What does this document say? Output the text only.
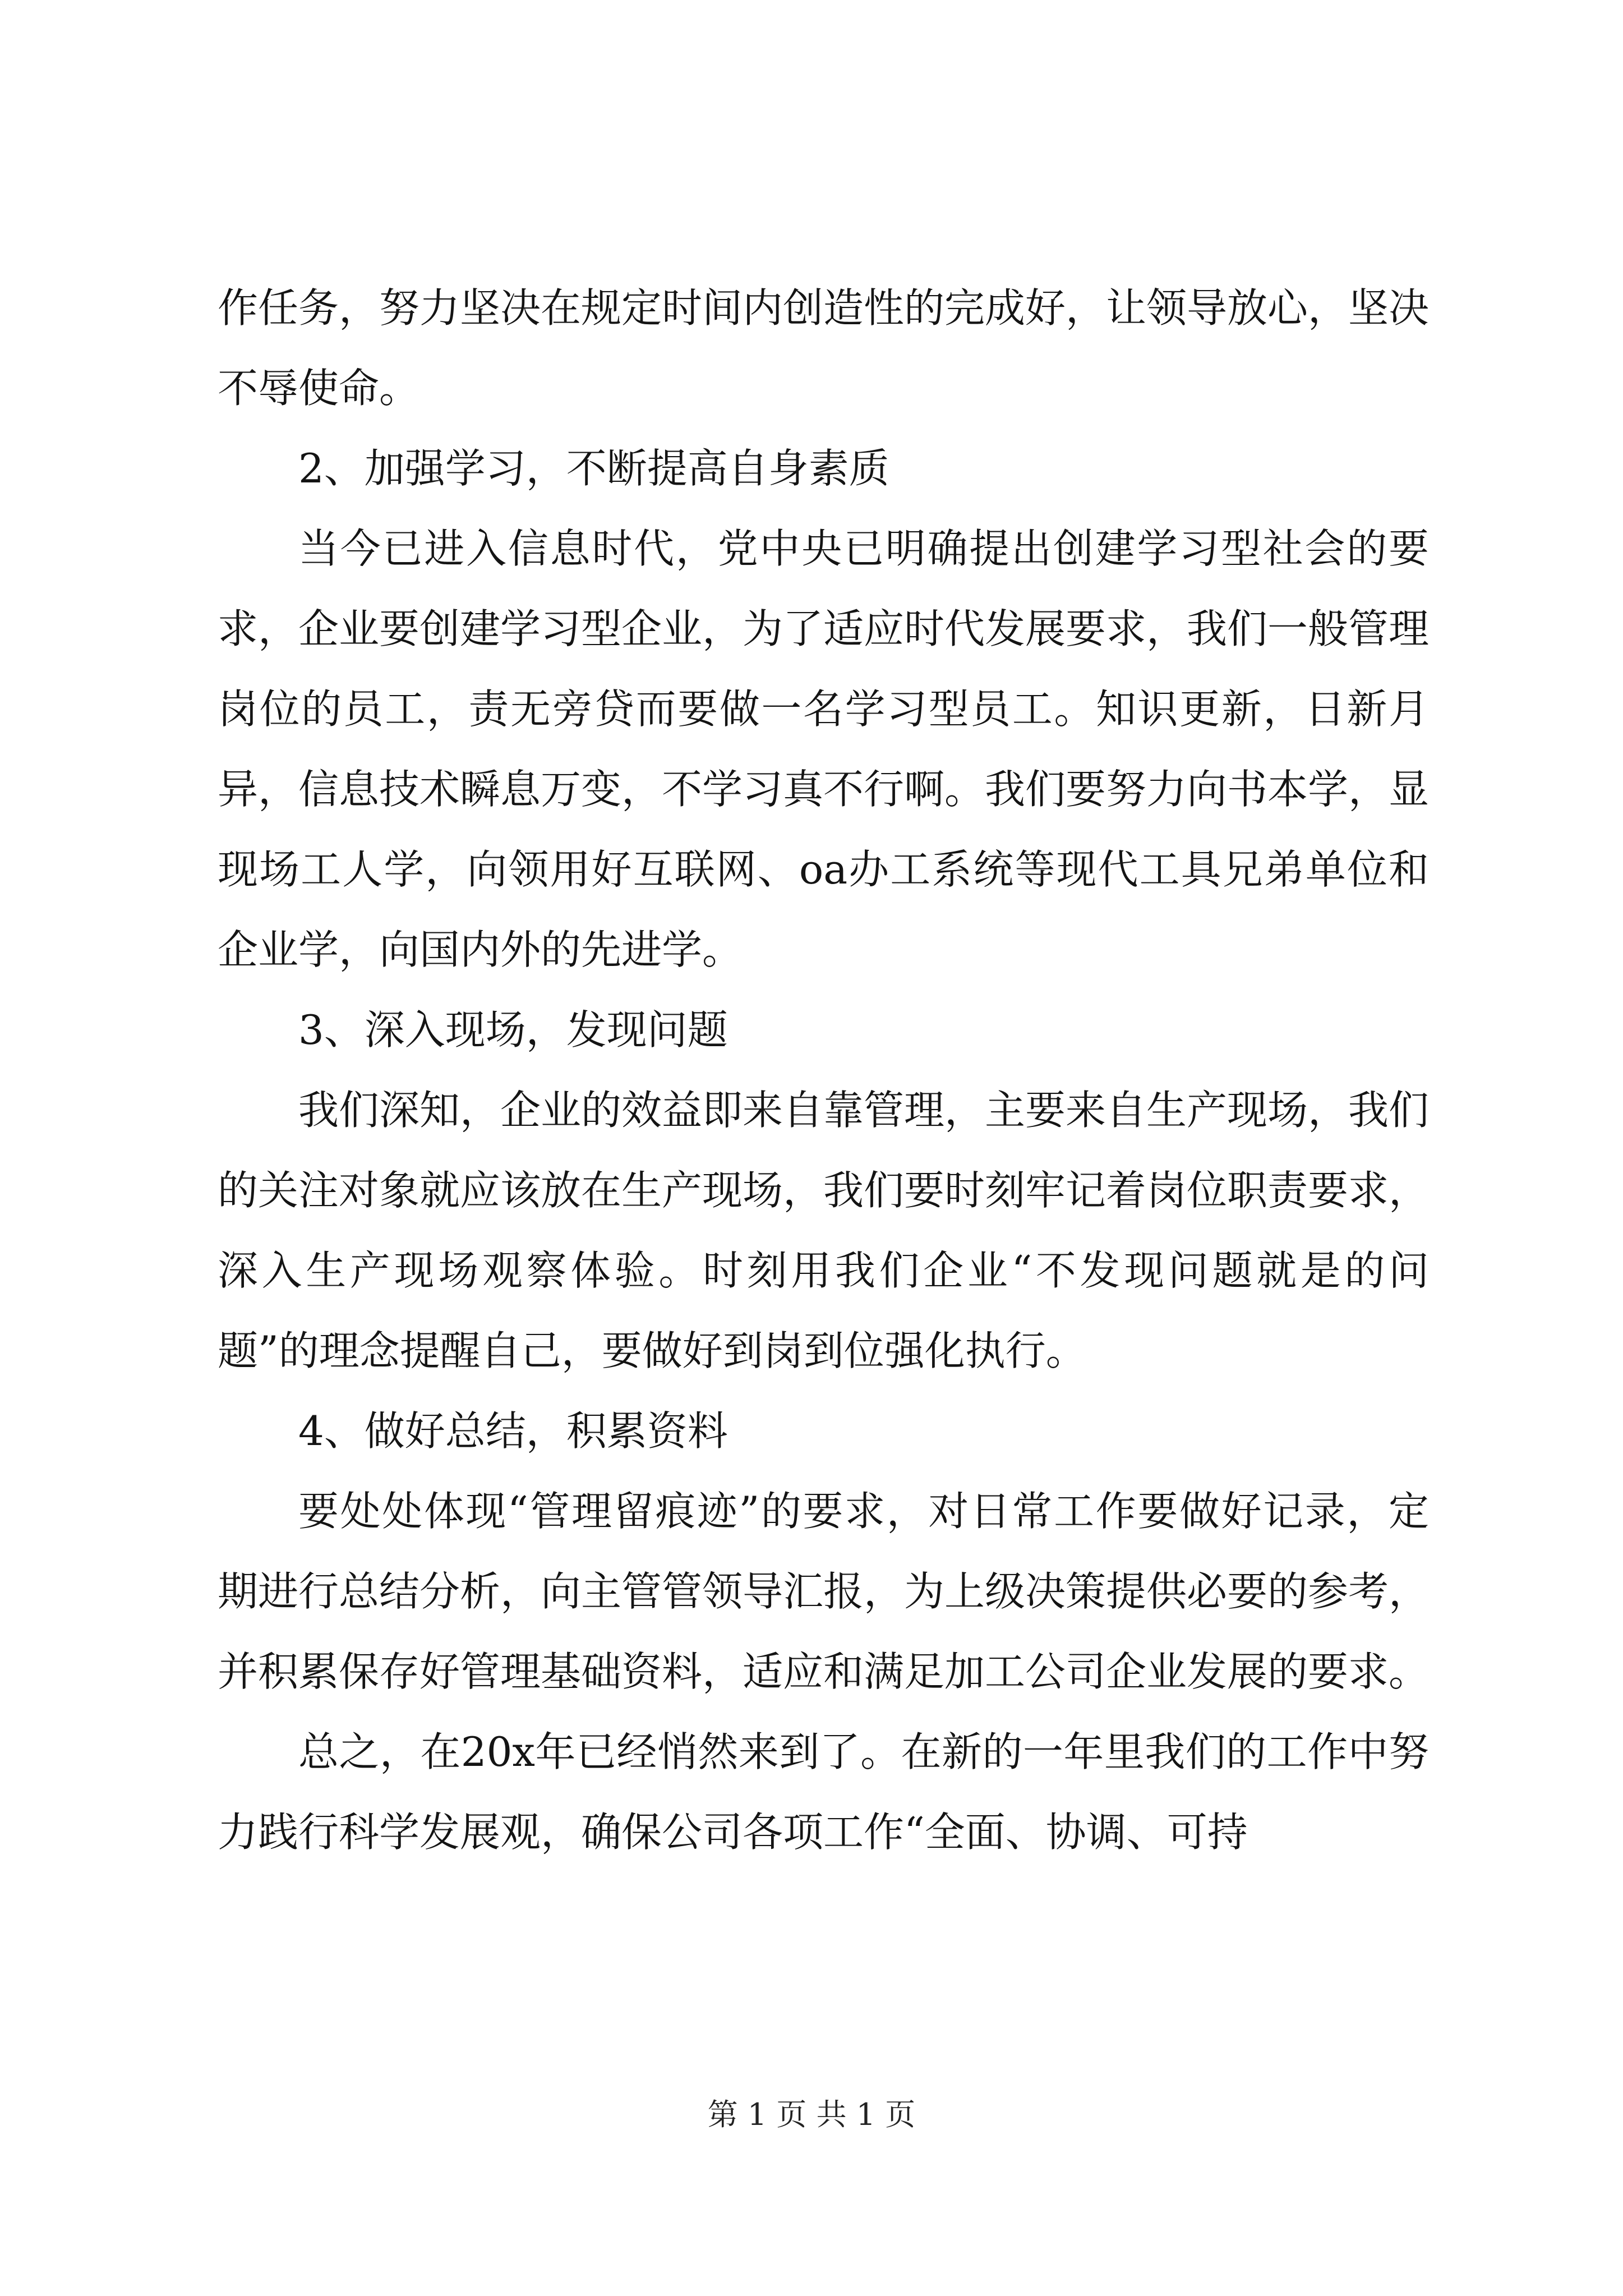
作任务，努力坚决在规定时间内创造性的完成好，让领导放心，坚决不辱使命。

2、加强学习，不断提高自身素质

当今已进入信息时代，党中央已明确提出创建学习型社会的要求，企业要创建学习型企业，为了适应时代发展要求，我们一般管理岗位的员工，责无旁贷而要做一名学习型员工。知识更新，日新月异，信息技术瞬息万变，不学习真不行啊。我们要努力向书本学，显现场工人学，向领用好互联网、oa办工系统等现代工具兄弟单位和企业学，向国内外的先进学。

3、深入现场，发现问题

我们深知，企业的效益即来自靠管理，主要来自生产现场，我们的关注对象就应该放在生产现场，我们要时刻牢记着岗位职责要求，深入生产现场观察体验。时刻用我们企业“不发现问题就是的问题”的理念提醒自己，要做好到岗到位强化执行。

4、做好总结，积累资料

要处处体现“管理留痕迹”的要求，对日常工作要做好记录，定期进行总结分析，向主管管领导汇报，为上级决策提供必要的参考，并积累保存好管理基础资料，适应和满足加工公司企业发展的要求。

总之，在20x年已经悄然来到了。在新的一年里我们的工作中努力践行科学发展观，确保公司各项工作“全面、协调、可持

第 1 页 共 1 页
